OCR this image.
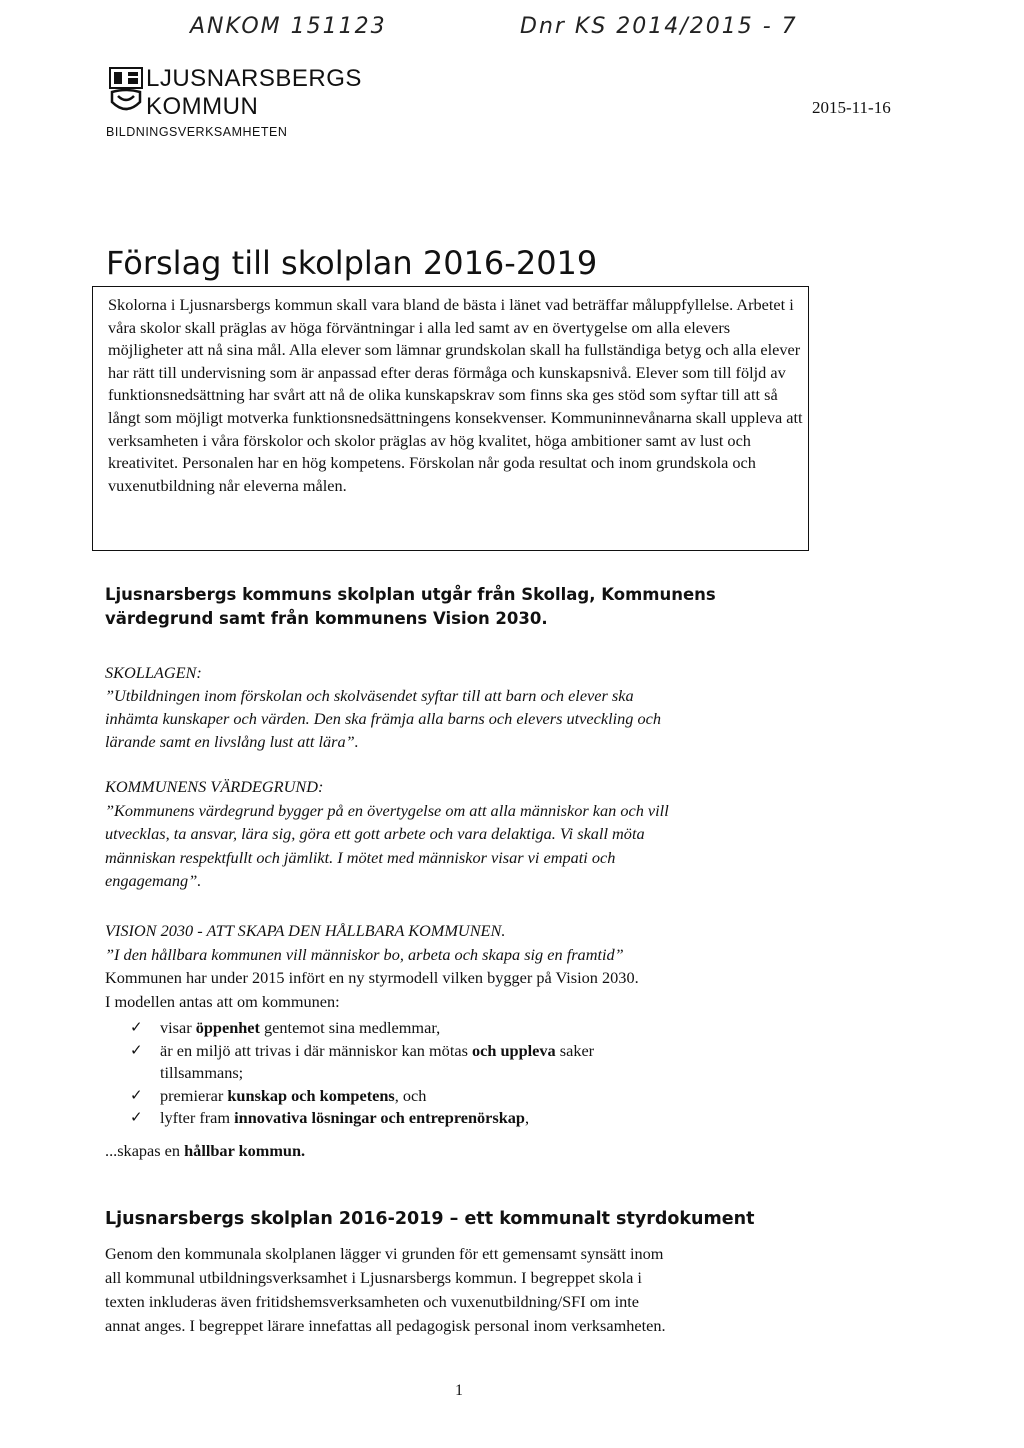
ANKOM 151123	Dnr KS 2014/2015 - 7
LJUSNARSBERGS
KOMMUN
BILDNINGSVERKSAMHETEN
2015-11-16
Förslag till skolplan 2016-2019

Skolorna i Ljusnarsbergs kommun skall vara bland de bästa i länet vad beträffar måluppfyllelse. Arbetet i våra skolor skall präglas av höga förväntningar i alla led samt av en övertygelse om alla elevers möjligheter att nå sina mål. Alla elever som lämnar grundskolan skall ha fullständiga betyg och alla elever har rätt till undervisning som är anpassad efter deras förmåga och kunskapsnivå. Elever som till följd av funktionsnedsättning har svårt att nå de olika kunskapskrav som finns ska ges stöd som syftar till att så långt som möjligt motverka funktionsnedsättningens konsekvenser. Kommuninnevånarna skall uppleva att verksamheten i våra förskolor och skolor präglas av hög kvalitet, höga ambitioner samt av lust och kreativitet. Personalen har en hög kompetens. Förskolan når goda resultat och inom grundskola och vuxenutbildning når eleverna målen.

Ljusnarsbergs kommuns skolplan utgår från Skollag, Kommunens
värdegrund samt från kommunens Vision 2030.
SKOLLAGEN:
”Utbildningen inom förskolan och skolväsendet syftar till att barn och elever ska
inhämta kunskaper och värden. Den ska främja alla barns och elevers utveckling och
lärande samt en livslång lust att lära”.
KOMMUNENS VÄRDEGRUND:
”Kommunens värdegrund bygger på en övertygelse om att alla människor kan och vill
utvecklas, ta ansvar, lära sig, göra ett gott arbete och vara delaktiga. Vi skall möta
människan respektfullt och jämlikt. I mötet med människor visar vi empati och
engagemang”.
VISION 2030 - ATT SKAPA DEN HÅLLBARA KOMMUNEN.
”I den hållbara kommunen vill människor bo, arbeta och skapa sig en framtid”
Kommunen har under 2015 infört en ny styrmodell vilken bygger på Vision 2030.
I modellen antas att om kommunen:
✓ visar öppenhet gentemot sina medlemmar,
✓ är en miljö att trivas i där människor kan mötas och uppleva saker
tillsammans;
✓ premierar kunskap och kompetens, och
✓ lyfter fram innovativa lösningar och entreprenörskap,
...skapas en hållbar kommun.
Ljusnarsbergs skolplan 2016-2019 – ett kommunalt styrdokument
Genom den kommunala skolplanen lägger vi grunden för ett gemensamt synsätt inom
all kommunal utbildningsverksamhet i Ljusnarsbergs kommun. I begreppet skola i
texten inkluderas även fritidshemsverksamheten och vuxenutbildning/SFI om inte
annat anges. I begreppet lärare innefattas all pedagogisk personal inom verksamheten.
1
